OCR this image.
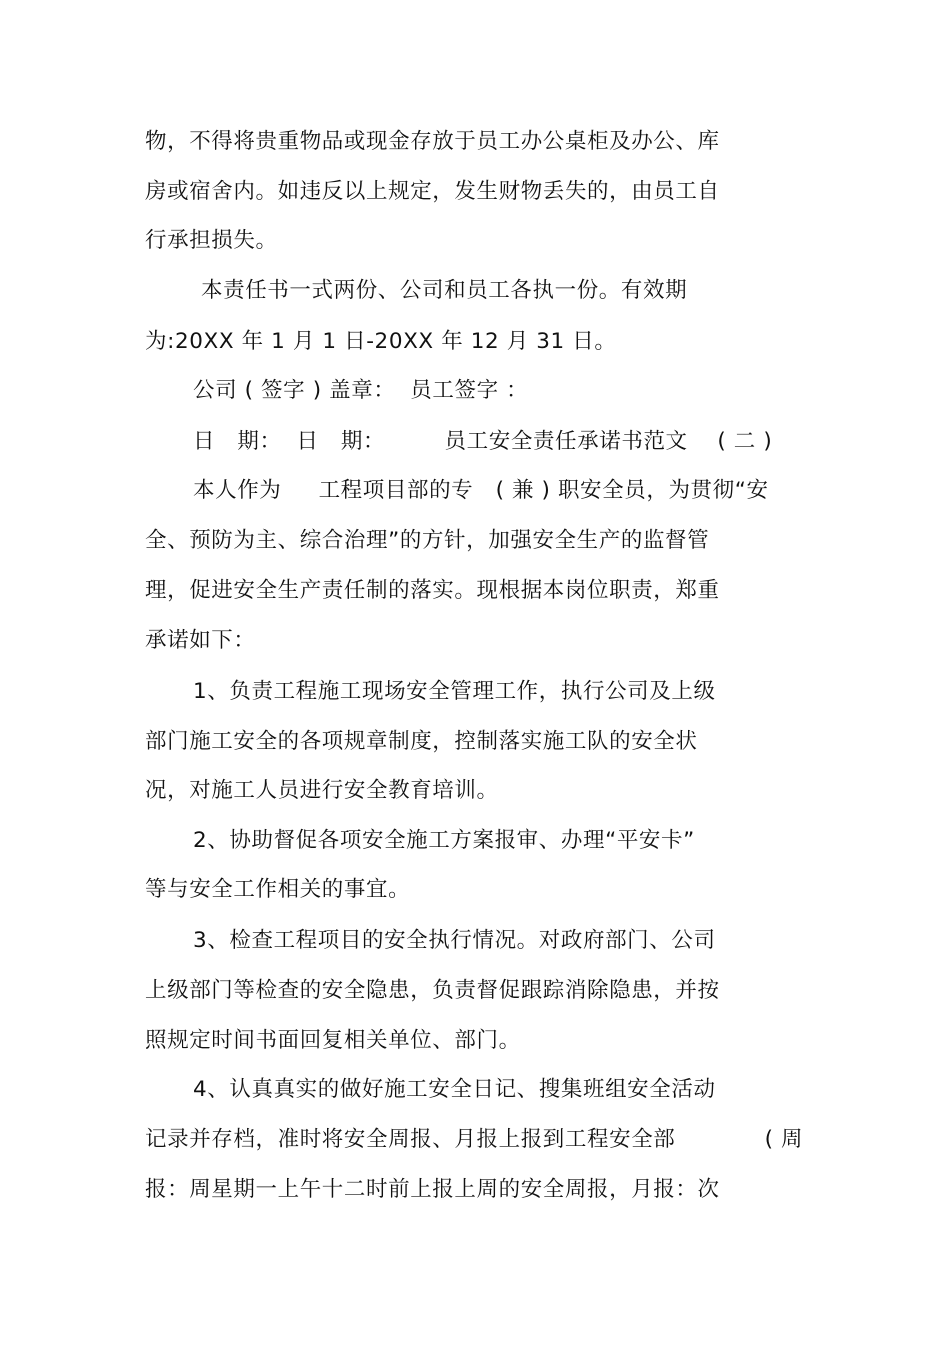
物，不得将贵重物品或现金存放于员工办公桌柜及办公、库
房或宿舍内。如违反以上规定，发生财物丢失的，由员工自
行承担损失。
本责任书一式两份、公司和员工各执一份。有效期
为:20XX 年 1 月 1 日-20XX 年 12 月 31 日。
公司 ( 签字 ) 盖章：  员工签字 ：
日   期：  日   期：        员工安全责任承诺书范文    ( 二 )
本人作为     工程项目部的专   ( 兼 ) 职安全员，为贯彻“安
全、预防为主、综合治理”的方针，加强安全生产的监督管
理，促进安全生产责任制的落实。现根据本岗位职责，郑重
承诺如下：
1、负责工程施工现场安全管理工作，执行公司及上级
部门施工安全的各项规章制度，控制落实施工队的安全状
况，对施工人员进行安全教育培训。
2、协助督促各项安全施工方案报审、办理“平安卡”
等与安全工作相关的事宜。
3、检查工程项目的安全执行情况。对政府部门、公司
上级部门等检查的安全隐患，负责督促跟踪消除隐患，并按
照规定时间书面回复相关单位、部门。
4、认真真实的做好施工安全日记、搜集班组安全活动
记录并存档，准时将安全周报、月报上报到工程安全部            ( 周
报：周星期一上午十二时前上报上周的安全周报，月报：次
